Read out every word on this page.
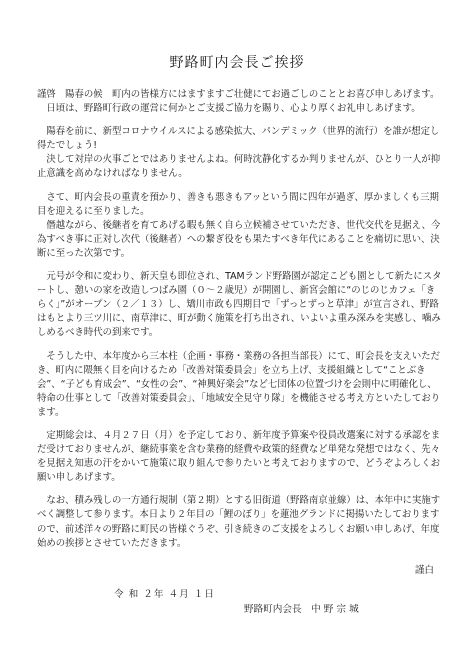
野路町内会長ご挨拶

謹啓　陽春の候　町内の皆様方にはますますご壮健にてお過ごしのこととお喜び申しあげます。

　日頃は、野路町行政の運営に何かとご支援ご協力を賜り、心より厚くお礼申しあげます。

　陽春を前に、新型コロナウイルスによる感染拡大、パンデミック（世界的流行）を誰が想定し得たでしょう!

　決して対岸の火事ごとではありませんよね。何時沈静化するか判りませんが、ひとり一人が抑止意識を高めなければなりません。

　さて、町内会長の重責を預かり、善きも悪きもアッという間に四年が過ぎ、厚かましくも三期目を迎えるに至りました。

　僭越ながら、後継者を育てあげる暇も無く自ら立候補させていただき、世代交代を見据え、今為すべき事に正対し次代（後継者）への繋ぎ役をも果たすべき年代にあることを痛切に思い、決断に至った次第です。

　元号が令和に変わり、新天皇も即位され、TAMランド野路園が認定こども園として新たにスタートし、憩いの家を改造しつばみ園（０～２歳児）が開園し、新宮会館に“のじのじカフェ「きらく」”がオープン（２／１３）し、矯川市政も四期目で「ずっとずっと草津」が宣言され、野路はもとより三ツ川に、南草津に、町が動く施策を打ち出され、いよいよ重み深みを実感し、噛みしめるべき時代の到来です。

　そうした中、本年度から三本柱（企画・事務・業務の各担当部長）にて、町会長を支えいただき、町内に隈無く目を向けるため「改善対策委員会」を立ち上げ、支援組織として“ことぶき会”、“子ども育成会”、“女性の会”、“神興好楽会”など七団体の位置づけを会則中に明確化し、特命の仕事として「改善対策委員会」、「地域安全見守り隊」を機能させる考え方といたしております。

　定期総会は、４月２７日（月）を予定しており、新年度予算案や役員改選案に対する承認をまだ受けておりませんが、継続事業を含む業務的経費や政策的経費など単発な発想ではなく、先々を見据え知恵の汗をかいて施策に取り組んで参りたいと考えておりますので、どうぞよろしくお願い申しあげます。

　なお、積み残しの一方通行規制（第２期）とする旧街道（野路南京並線）は、本年中に実施すべく調整して参ります。本日より２年目の「鯉のぼり」を蓮池グランドに掲揚いたしておりますので、前述洋々の野路に町民の皆様ぐうぞ、引き続きのご支援をよろしくお願い申しあげ、年度始めの挨拶とさせていただきます。

謹白
令 和 ２年 ４月 １日
野路町内会長　中 野 宗 城
